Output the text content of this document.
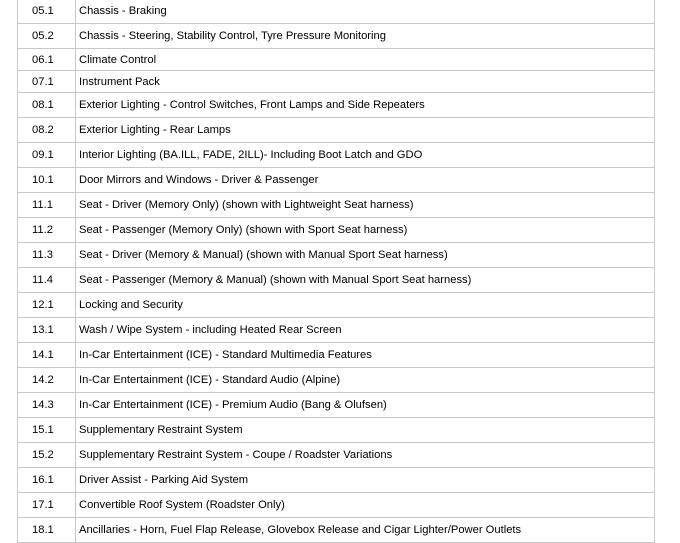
05.1	Chassis - Braking
05.2	Chassis - Steering, Stability Control, Tyre Pressure Monitoring
06.1	Climate Control
07.1	Instrument Pack
08.1	Exterior Lighting - Control Switches, Front Lamps and Side Repeaters
08.2	Exterior Lighting - Rear Lamps
09.1	Interior Lighting (BA.ILL, FADE, 2ILL)- Including Boot Latch and GDO
10.1	Door Mirrors and Windows - Driver & Passenger
11.1	Seat - Driver (Memory Only) (shown with Lightweight Seat harness)
11.2	Seat - Passenger (Memory Only) (shown with Sport Seat harness)
11.3	Seat - Driver (Memory & Manual) (shown with Manual Sport Seat harness)
11.4	Seat - Passenger (Memory & Manual) (shown with Manual Sport Seat harness)
12.1	Locking and Security
13.1	Wash / Wipe System - including Heated Rear Screen
14.1	In-Car Entertainment (ICE) - Standard Multimedia Features
14.2	In-Car Entertainment (ICE) - Standard Audio (Alpine)
14.3	In-Car Entertainment (ICE) - Premium Audio (Bang & Olufsen)
15.1	Supplementary Restraint System
15.2	Supplementary Restraint System - Coupe / Roadster Variations
16.1	Driver Assist - Parking Aid System
17.1	Convertible Roof System (Roadster Only)
18.1	Ancillaries - Horn, Fuel Flap Release, Glovebox Release and Cigar Lighter/Power Outlets
